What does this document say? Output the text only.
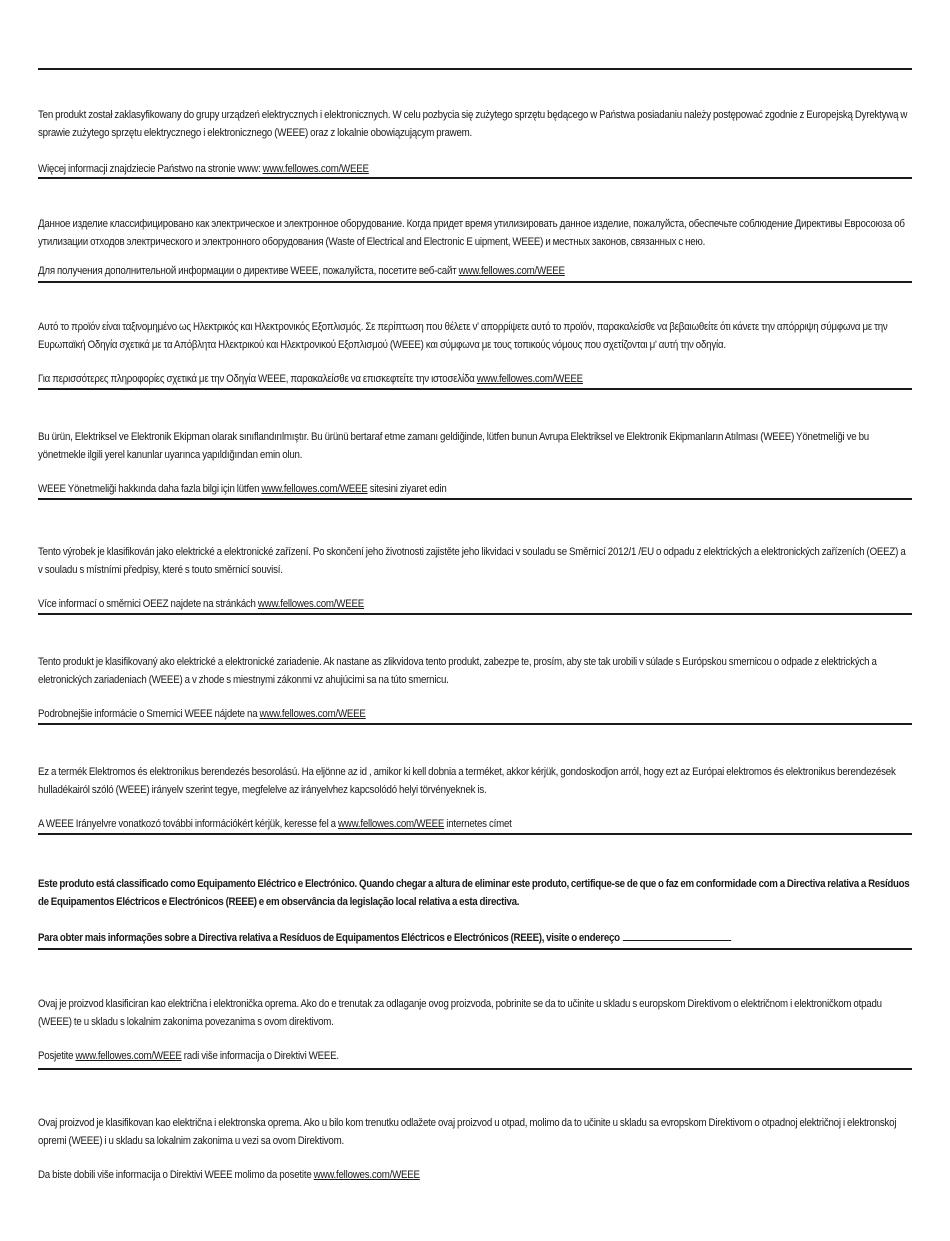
Ten produkt został zaklasyfikowany do grupy urządzeń elektrycznych i elektronicznych. W celu pozbycia się zużytego sprzętu będącego w Państwa posiadaniu należy postępować zgodnie z Europejską Dyrektywą w sprawie zużytego sprzętu elektrycznego i elektronicznego (WEEE) oraz z lokalnie obowiązującym prawem.

Więcej informacji znajdziecie Państwo na stronie www: www.fellowes.com/WEEE

Данное изделие классифицировано как электрическое и электронное оборудование. Когда придет время утилизировать данное изделие, пожалуйста, обеспечьте соблюдение Директивы Евросоюза об утилизации отходов электрического и электронного оборудования (Waste of Electrical and Electronic E uipment, WEEE) и местных законов, связанных с нею.

Для получения дополнительной информации о директиве WEEE, пожалуйста, посетите веб-сайт www.fellowes.com/WEEE

Αυτό το προϊόν είναι ταξινομημένο ως Ηλεκτρικός και Ηλεκτρονικός Εξοπλισμός. Σε περίπτωση που θέλετε ν' απορρίψετε αυτό το προϊόν, παρακαλείσθε να βεβαιωθείτε ότι κάνετε την απόρριψη σύμφωνα με την Ευρωπαϊκή Οδηγία σχετικά με τα Απόβλητα Ηλεκτρικού και Ηλεκτρονικού Εξοπλισμού (WEEE) και σύμφωνα με τους τοπικούς νόμους που σχετίζονται μ' αυτή την οδηγία.

Για περισσότερες πληροφορίες σχετικά με την Οδηγία WEEE, παρακαλείσθε να επισκεφτείτε την ιστοσελίδα www.fellowes.com/WEEE

Bu ürün, Elektriksel ve Elektronik Ekipman olarak sınıflandırılmıştır. Bu ürünü bertaraf etme zamanı geldiğinde, lütfen bunun Avrupa Elektriksel ve Elektronik Ekipmanların Atılması (WEEE) Yönetmeliği ve bu yönetmekle ilgili yerel kanunlar uyarınca yapıldığından emin olun.

WEEE Yönetmeliği hakkında daha fazla bilgi için lütfen www.fellowes.com/WEEE sitesini ziyaret edin

Tento výrobek je klasifikován jako elektrické a elektronické zařízení. Po skončení jeho životnosti zajistěte jeho likvidaci v souladu se Směrnicí 2012/1 /EU o odpadu z elektrických a elektronických zařízeních (OEEZ) a v souladu s místními předpisy, které s touto směrnicí souvisí.

Více informací o směrnici OEEZ najdete na stránkách www.fellowes.com/WEEE

Tento produkt je klasifikovaný ako elektrické a elektronické zariadenie. Ak nastane as zlikvidova tento produkt, zabezpe te, prosím, aby ste tak urobili v súlade s Európskou smernicou o odpade z elektrických a eletronických zariadeniach (WEEE) a v zhode s miestnymi zákonmi vz ahujúcimi sa na túto smernicu.

Podrobnejšie informácie o Smernici WEEE nájdete na www.fellowes.com/WEEE

Ez a termék Elektromos és elektronikus berendezés besorolású. Ha eljönne az id , amikor ki kell dobnia a terméket, akkor kérjük, gondoskodjon arról, hogy ezt az Európai elektromos és elektronikus berendezések hulladékairól szóló (WEEE) irányelv szerint tegye, megfelelve az irányelvhez kapcsolódó helyi törvényeknek is.

A WEEE Irányelvre vonatkozó további információkért kérjük, keresse fel a www.fellowes.com/WEEE internetes címet

Este produto está classificado como Equipamento Eléctrico e Electrónico. Quando chegar a altura de eliminar este produto, certifique-se de que o faz em conformidade com a Directiva relativa a Resíduos de Equipamentos Eléctricos e Electrónicos (REEE) e em observância da legislação local relativa a esta directiva.

Para obter mais informações sobre a Directiva relativa a Resíduos de Equipamentos Eléctricos e Electrónicos (REEE), visite o endereço

Ovaj je proizvod klasificiran kao električna i elektronička oprema. Ako do e trenutak za odlaganje ovog proizvoda, pobrinite se da to učinite u skladu s europskom Direktivom o električnom i elektroničkom otpadu (WEEE) te u skladu s lokalnim zakonima povezanima s ovom direktivom.

Posjetite www.fellowes.com/WEEE radi više informacija o Direktivi WEEE.

Ovaj proizvod je klasifikovan kao električna i elektronska oprema. Ako u bilo kom trenutku odlažete ovaj proizvod u otpad, molimo da to učinite u skladu sa evropskom Direktivom o otpadnoj električnoj i elektronskoj opremi (WEEE) i u skladu sa lokalnim zakonima u vezi sa ovom Direktivom.

Da biste dobili više informacija o Direktivi WEEE molimo da posetite www.fellowes.com/WEEE
